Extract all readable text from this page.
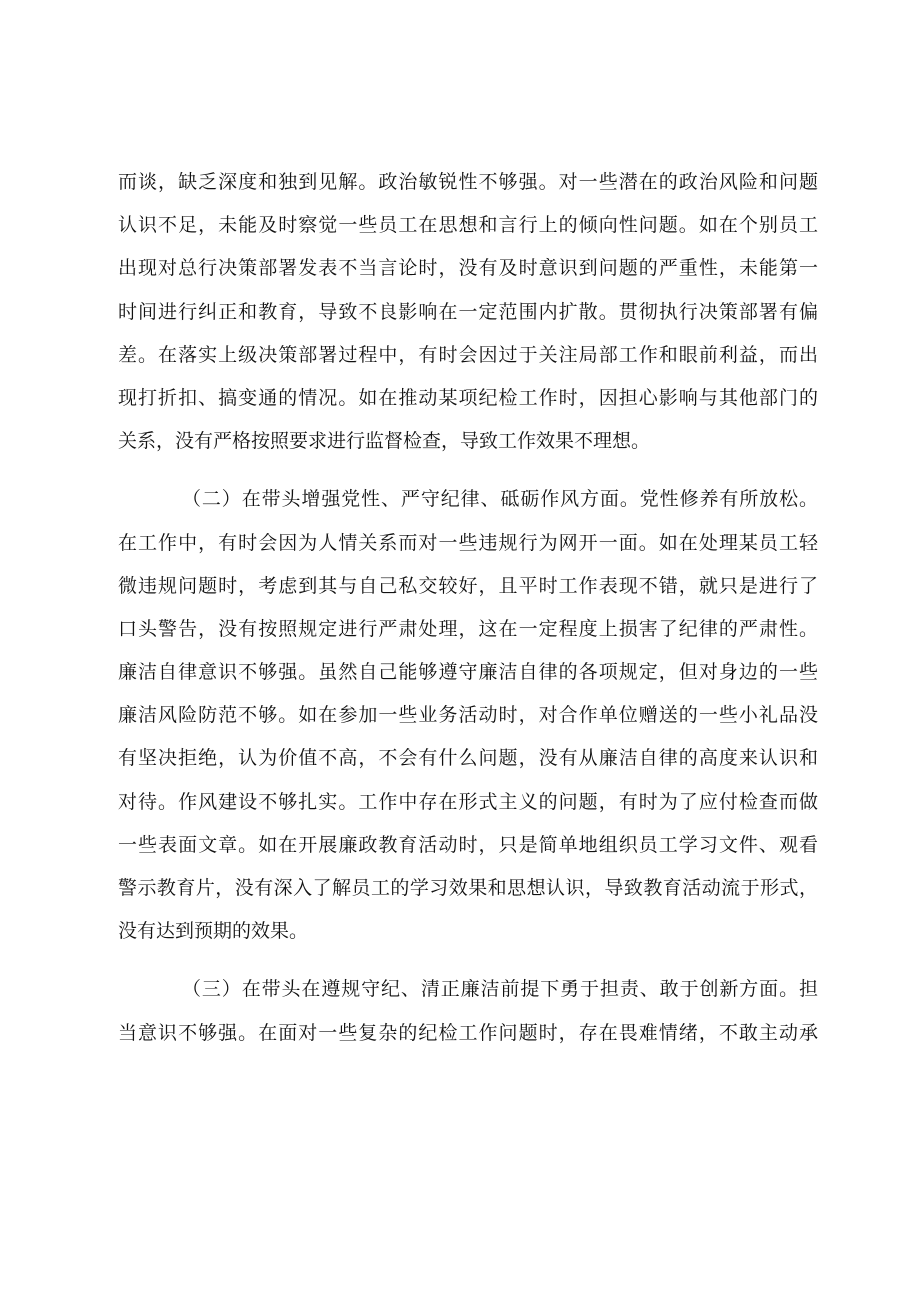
而谈，缺乏深度和独到见解。政治敏锐性不够强。对一些潜在的政治风险和问题
认识不足，未能及时察觉一些员工在思想和言行上的倾向性问题。如在个别员工
出现对总行决策部署发表不当言论时，没有及时意识到问题的严重性，未能第一
时间进行纠正和教育，导致不良影响在一定范围内扩散。贯彻执行决策部署有偏
差。在落实上级决策部署过程中，有时会因过于关注局部工作和眼前利益，而出
现打折扣、搞变通的情况。如在推动某项纪检工作时，因担心影响与其他部门的
关系，没有严格按照要求进行监督检查，导致工作效果不理想。
（二）在带头增强党性、严守纪律、砥砺作风方面。党性修养有所放松。
在工作中，有时会因为人情关系而对一些违规行为网开一面。如在处理某员工轻
微违规问题时，考虑到其与自己私交较好，且平时工作表现不错，就只是进行了
口头警告，没有按照规定进行严肃处理，这在一定程度上损害了纪律的严肃性。
廉洁自律意识不够强。虽然自己能够遵守廉洁自律的各项规定，但对身边的一些
廉洁风险防范不够。如在参加一些业务活动时，对合作单位赠送的一些小礼品没
有坚决拒绝，认为价值不高，不会有什么问题，没有从廉洁自律的高度来认识和
对待。作风建设不够扎实。工作中存在形式主义的问题，有时为了应付检查而做
一些表面文章。如在开展廉政教育活动时，只是简单地组织员工学习文件、观看
警示教育片，没有深入了解员工的学习效果和思想认识，导致教育活动流于形式，
没有达到预期的效果。
（三）在带头在遵规守纪、清正廉洁前提下勇于担责、敢于创新方面。担
当意识不够强。在面对一些复杂的纪检工作问题时，存在畏难情绪，不敢主动承
